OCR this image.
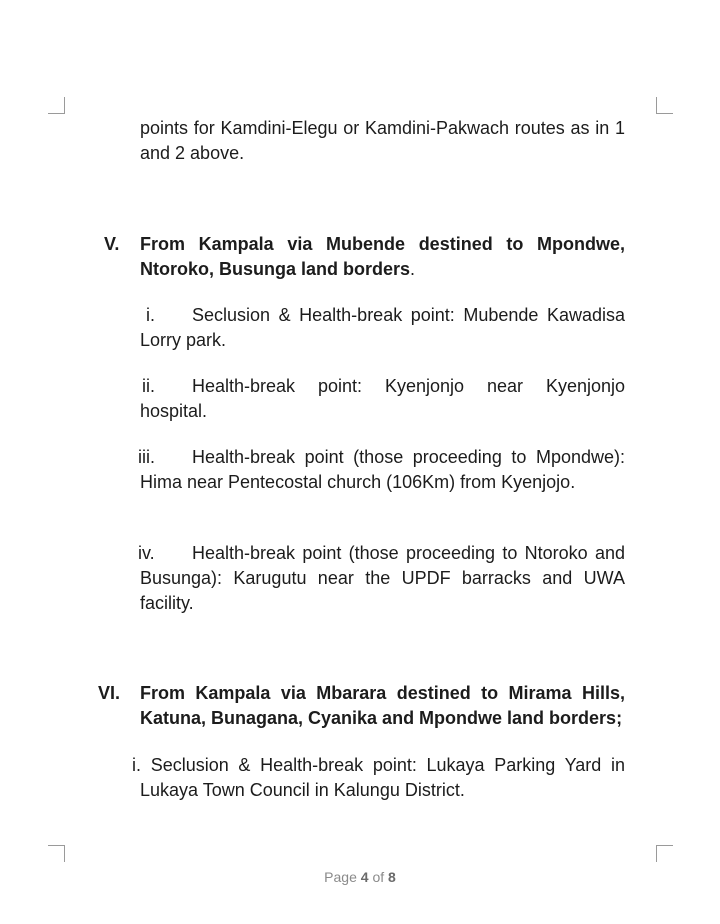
points for Kamdini-Elegu or Kamdini-Pakwach routes as in 1 and 2 above.

V. From Kampala via Mubende destined to Mpondwe, Ntoroko, Busunga land borders.

i. Seclusion & Health-break point: Mubende Kawadisa Lorry park.

ii. Health-break point: Kyenjonjo near Kyenjonjo hospital.

iii. Health-break point (those proceeding to Mpondwe): Hima near Pentecostal church (106Km) from Kyenjojo.

iv. Health-break point (those proceeding to Ntoroko and Busunga): Karugutu near the UPDF barracks and UWA facility.

VI. From Kampala via Mbarara destined to Mirama Hills, Katuna, Bunagana, Cyanika and Mpondwe land borders;

i. Seclusion & Health-break point: Lukaya Parking Yard in Lukaya Town Council in Kalungu District.

Page 4 of 8
